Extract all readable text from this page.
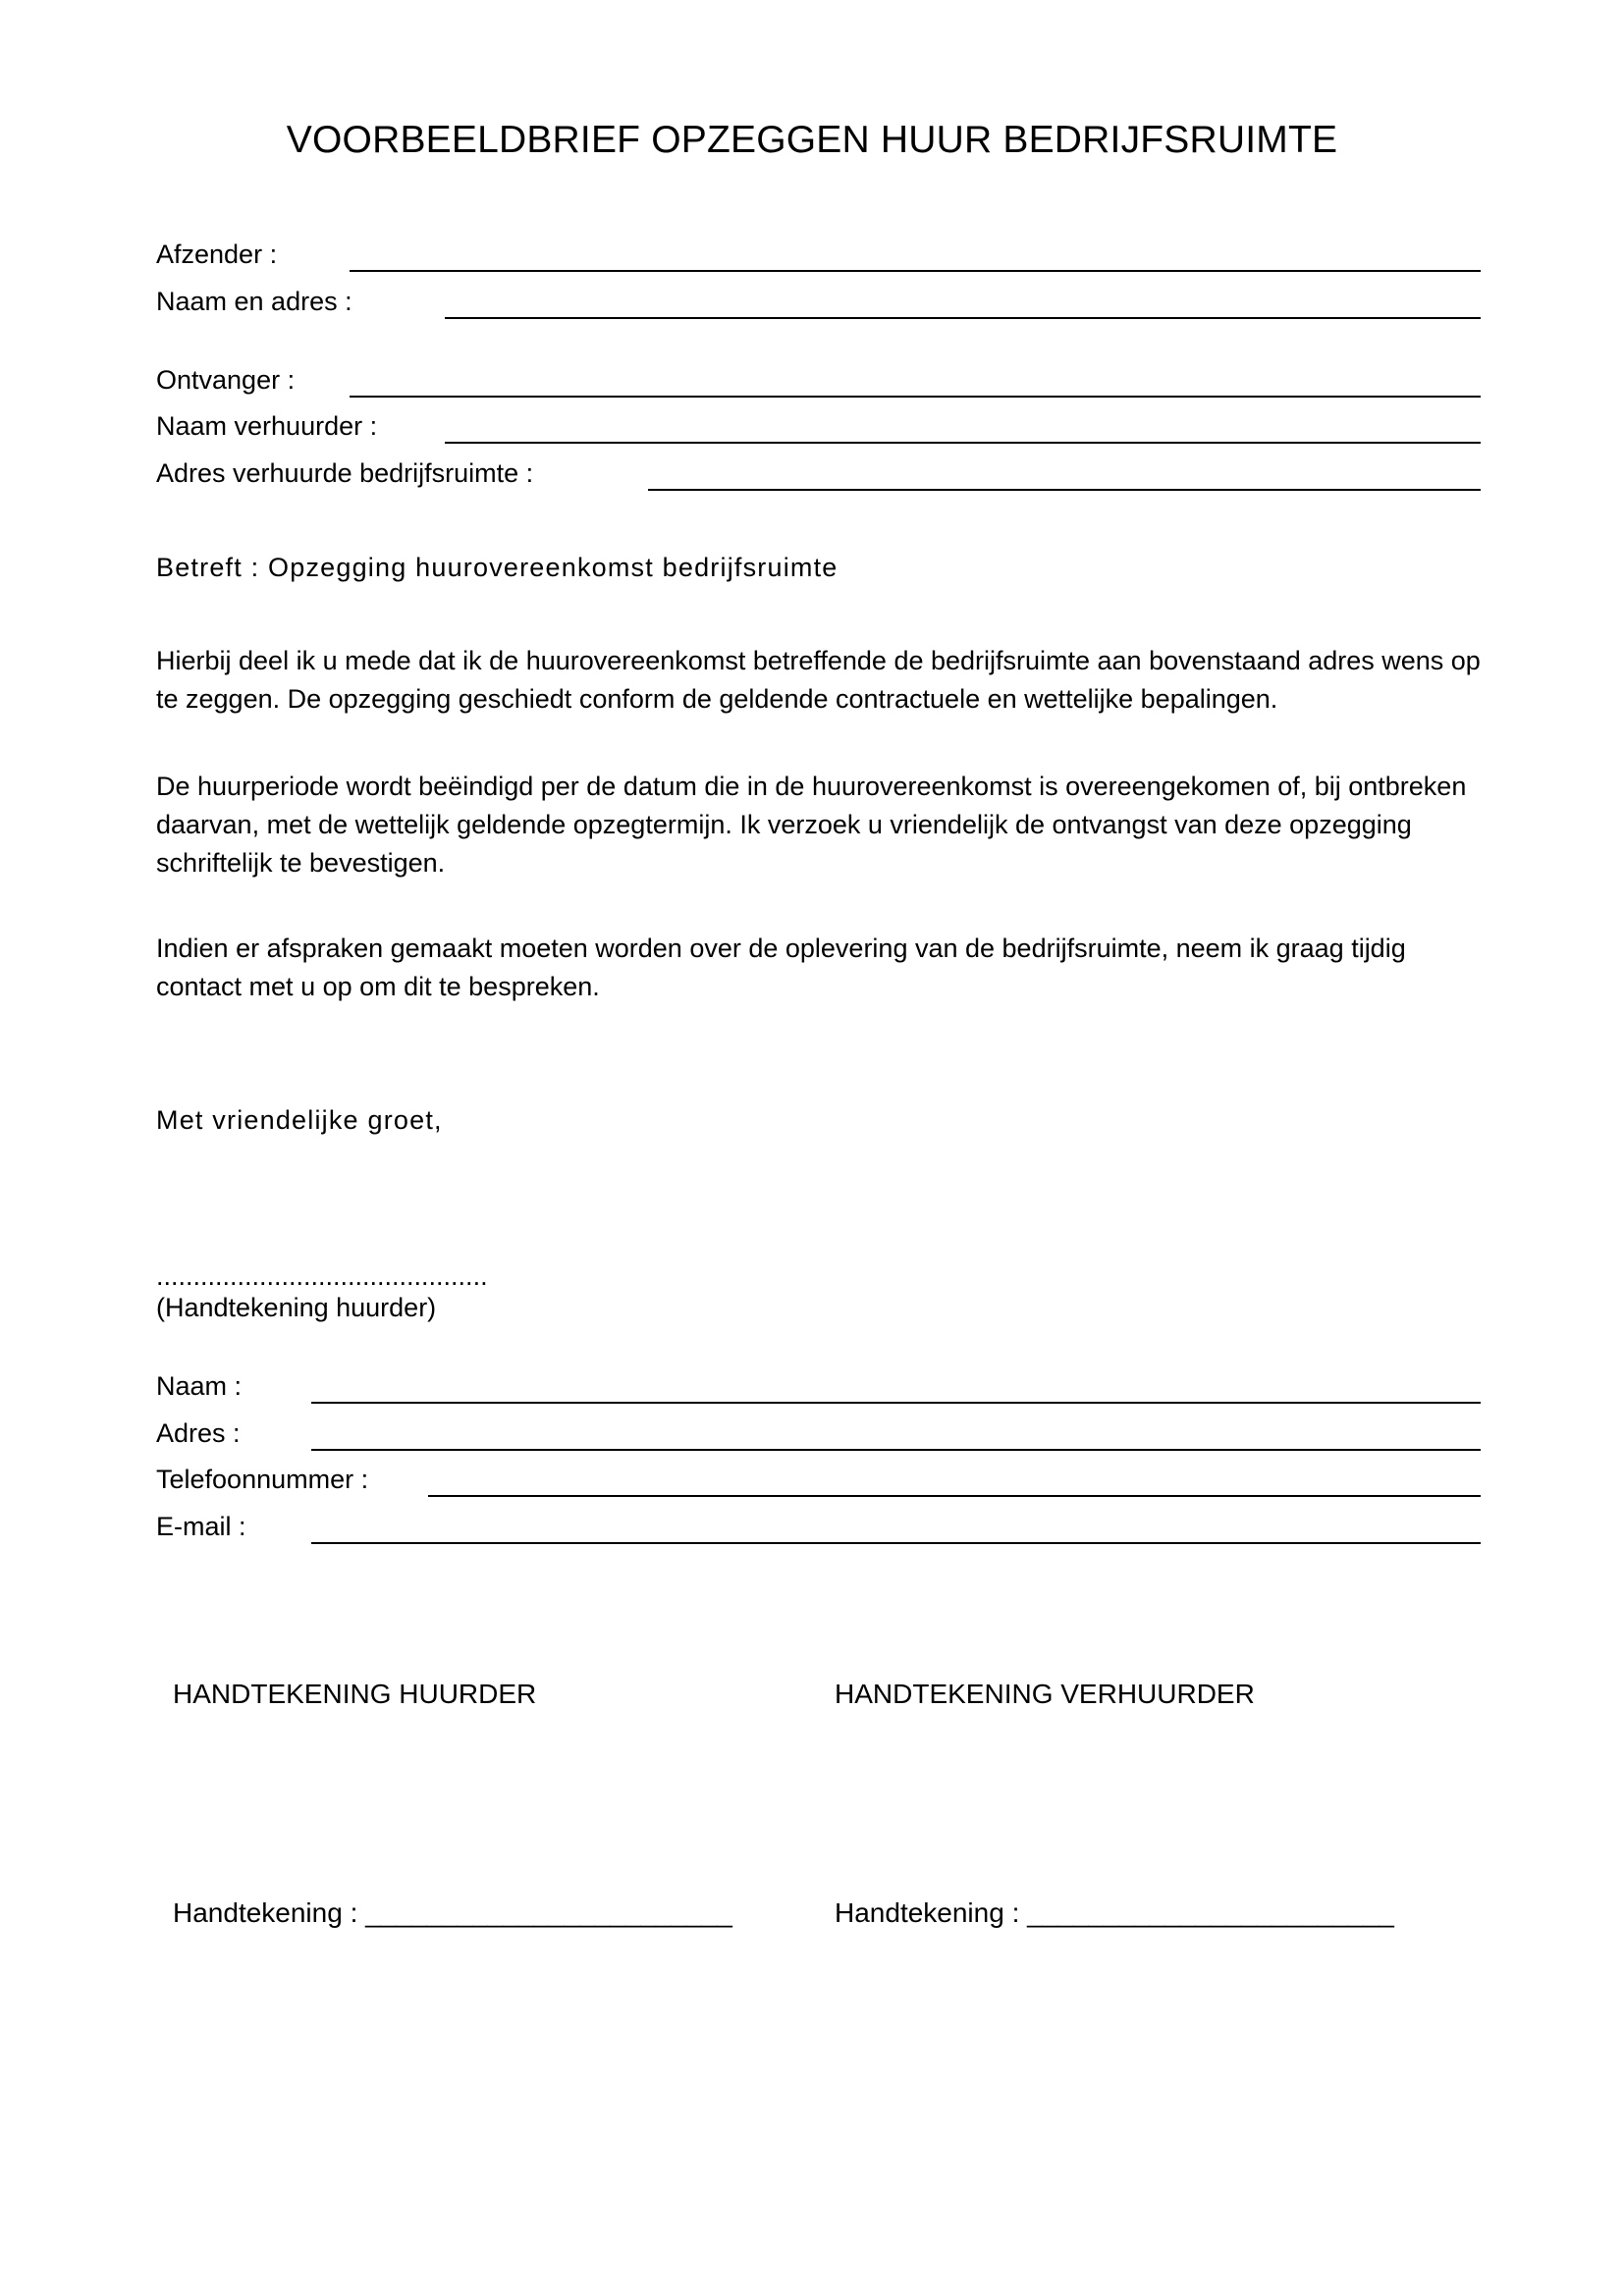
VOORBEELDBRIEF OPZEGGEN HUUR BEDRIJFSRUIMTE
Afzender :
Naam en adres :
Ontvanger :
Naam verhuurder :
Adres verhuurde bedrijfsruimte :
Betreft : Opzegging huurovereenkomst bedrijfsruimte
Hierbij deel ik u mede dat ik de huurovereenkomst betreffende de bedrijfsruimte aan bovenstaand adres wens op te zeggen. De opzegging geschiedt conform de geldende contractuele en wettelijke bepalingen.
De huurperiode wordt beëindigd per de datum die in de huurovereenkomst is overeengekomen of, bij ontbreken daarvan, met de wettelijk geldende opzegtermijn. Ik verzoek u vriendelijk de ontvangst van deze opzegging schriftelijk te bevestigen.
Indien er afspraken gemaakt moeten worden over de oplevering van de bedrijfsruimte, neem ik graag tijdig contact met u op om dit te bespreken.
Met vriendelijke groet,
.............................................
(Handtekening huurder)
Naam :
Adres :
Telefoonnummer :
E-mail :
HANDTEKENING HUURDER	HANDTEKENING VERHUURDER
Handtekening : ________________________	Handtekening : ________________________
